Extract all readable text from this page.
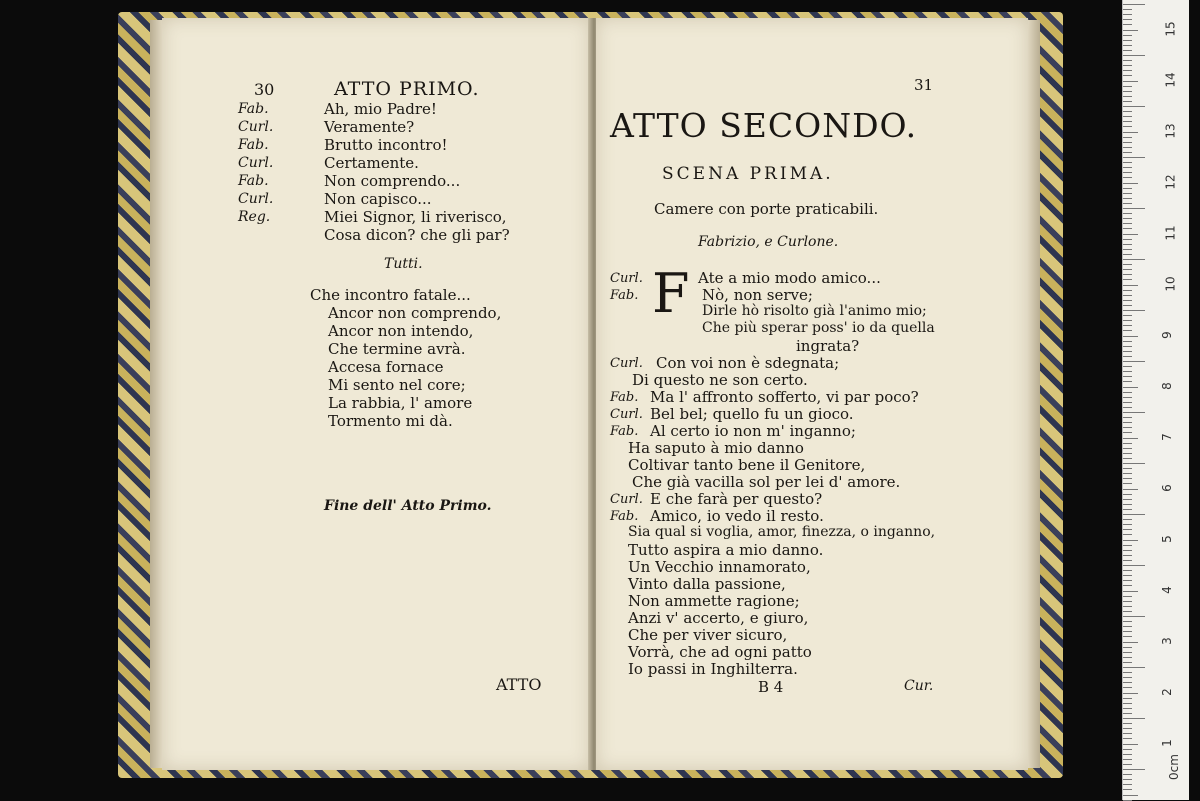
30	ATTO PRIMO.
Fab.	Ah, mio Padre!
Curl.	Veramente?
Fab.	Brutto incontro!
Curl.	Certamente.
Fab.	Non comprendo...
Curl.	Non capisco...
Reg.	Miei Signor, li riverisco,
Cosa dicon? che gli par?
Tutti.
Che incontro fatale...
Ancor non comprendo,
Ancor non intendo,
Che termine avrà.
Accesa fornace
Mi sento nel core;
La rabbia, l' amore
Tormento mi dà.
Fine dell' Atto Primo.
ATTO
31
ATTO SECONDO.
SCENA PRIMA.
Camere con porte praticabili.
Fabrizio, e Curlone.
F
Curl.	Ate a mio modo amico...
Fab.	Nò, non serve;
Dirle hò risolto già l'animo mio;
Che più sperar poss' io da quella
ingrata?
Curl. Con voi non è sdegnata;
Di questo ne son certo.
Fab. Ma l' affronto sofferto, vi par poco?
Curl. Bel bel; quello fu un gioco.
Fab. Al certo io non m' inganno;
Ha saputo à mio danno
Coltivar tanto bene il Genitore,
Che già vacilla sol per lei d' amore.
Curl. E che farà per questo?
Fab. Amico, io vedo il resto.
Sia qual si voglia, amor, finezza, o inganno,
Tutto aspira a mio danno.
Un Vecchio innamorato,
Vinto dalla passione,
Non ammette ragione;
Anzi v' accerto, e giuro,
Che per viver sicuro,
Vorrà, che ad ogni patto
Io passi in Inghilterra.
B 4	Cur.
15
14
13
12
11
10
9
8
7
6
5
4
3
2
1
0cm
